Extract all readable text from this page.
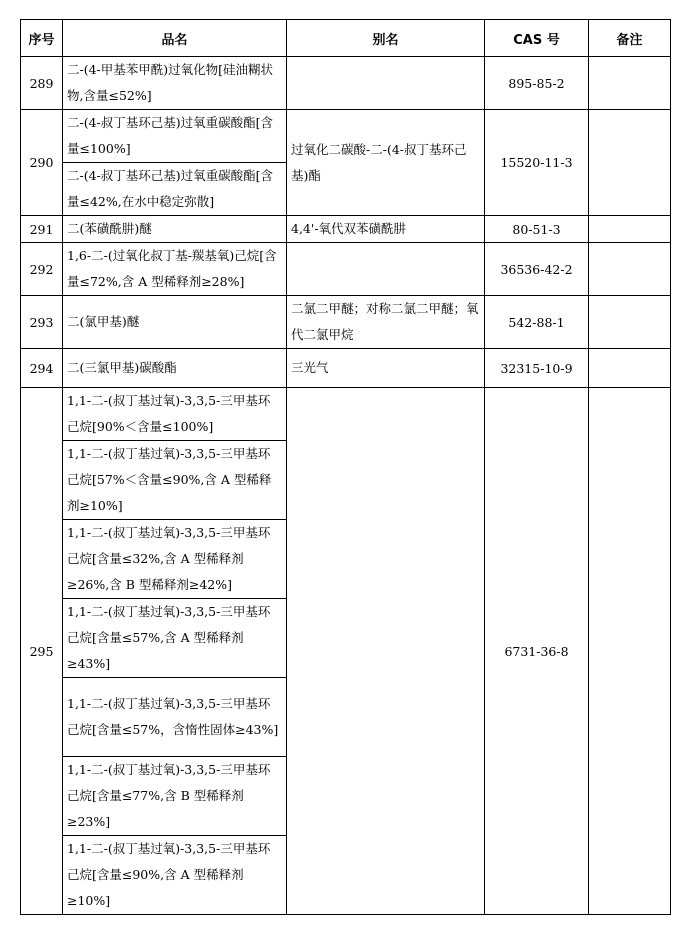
序号	品名	别名	CAS 号	备注
289	二-(4-甲基苯甲酰)过氧化物[硅油糊状物,含量≤52%]		895-85-2	
290	二-(4-叔丁基环己基)过氧重碳酸酯[含量≤100%]	过氧化二碳酸-二-(4-叔丁基环己基)酯	15520-11-3	
	二-(4-叔丁基环己基)过氧重碳酸酯[含量≤42%,在水中稳定弥散]			
291	二(苯磺酰肼)醚	4,4'-氧代双苯磺酰肼	80-51-3	
292	1,6-二-(过氧化叔丁基-羰基氧)己烷[含量≤72%,含 A 型稀释剂≥28%]		36536-42-2	
293	二(氯甲基)醚	二氯二甲醚；对称二氯二甲醚；氧代二氯甲烷	542-88-1	
294	二(三氯甲基)碳酸酯	三光气	32315-10-9	
295	1,1-二-(叔丁基过氧)-3,3,5-三甲基环己烷[90%＜含量≤100%]		6731-36-8	
	1,1-二-(叔丁基过氧)-3,3,5-三甲基环己烷[57%＜含量≤90%,含 A 型稀释剂≥10%]			
	1,1-二-(叔丁基过氧)-3,3,5-三甲基环己烷[含量≤32%,含 A 型稀释剂≥26%,含 B 型稀释剂≥42%]			
	1,1-二-(叔丁基过氧)-3,3,5-三甲基环己烷[含量≤57%,含 A 型稀释剂≥43%]			
	1,1-二-(叔丁基过氧)-3,3,5-三甲基环己烷[含量≤57%，含惰性固体≥43%]			
	1,1-二-(叔丁基过氧)-3,3,5-三甲基环己烷[含量≤77%,含 B 型稀释剂≥23%]			
	1,1-二-(叔丁基过氧)-3,3,5-三甲基环己烷[含量≤90%,含 A 型稀释剂≥10%]			
